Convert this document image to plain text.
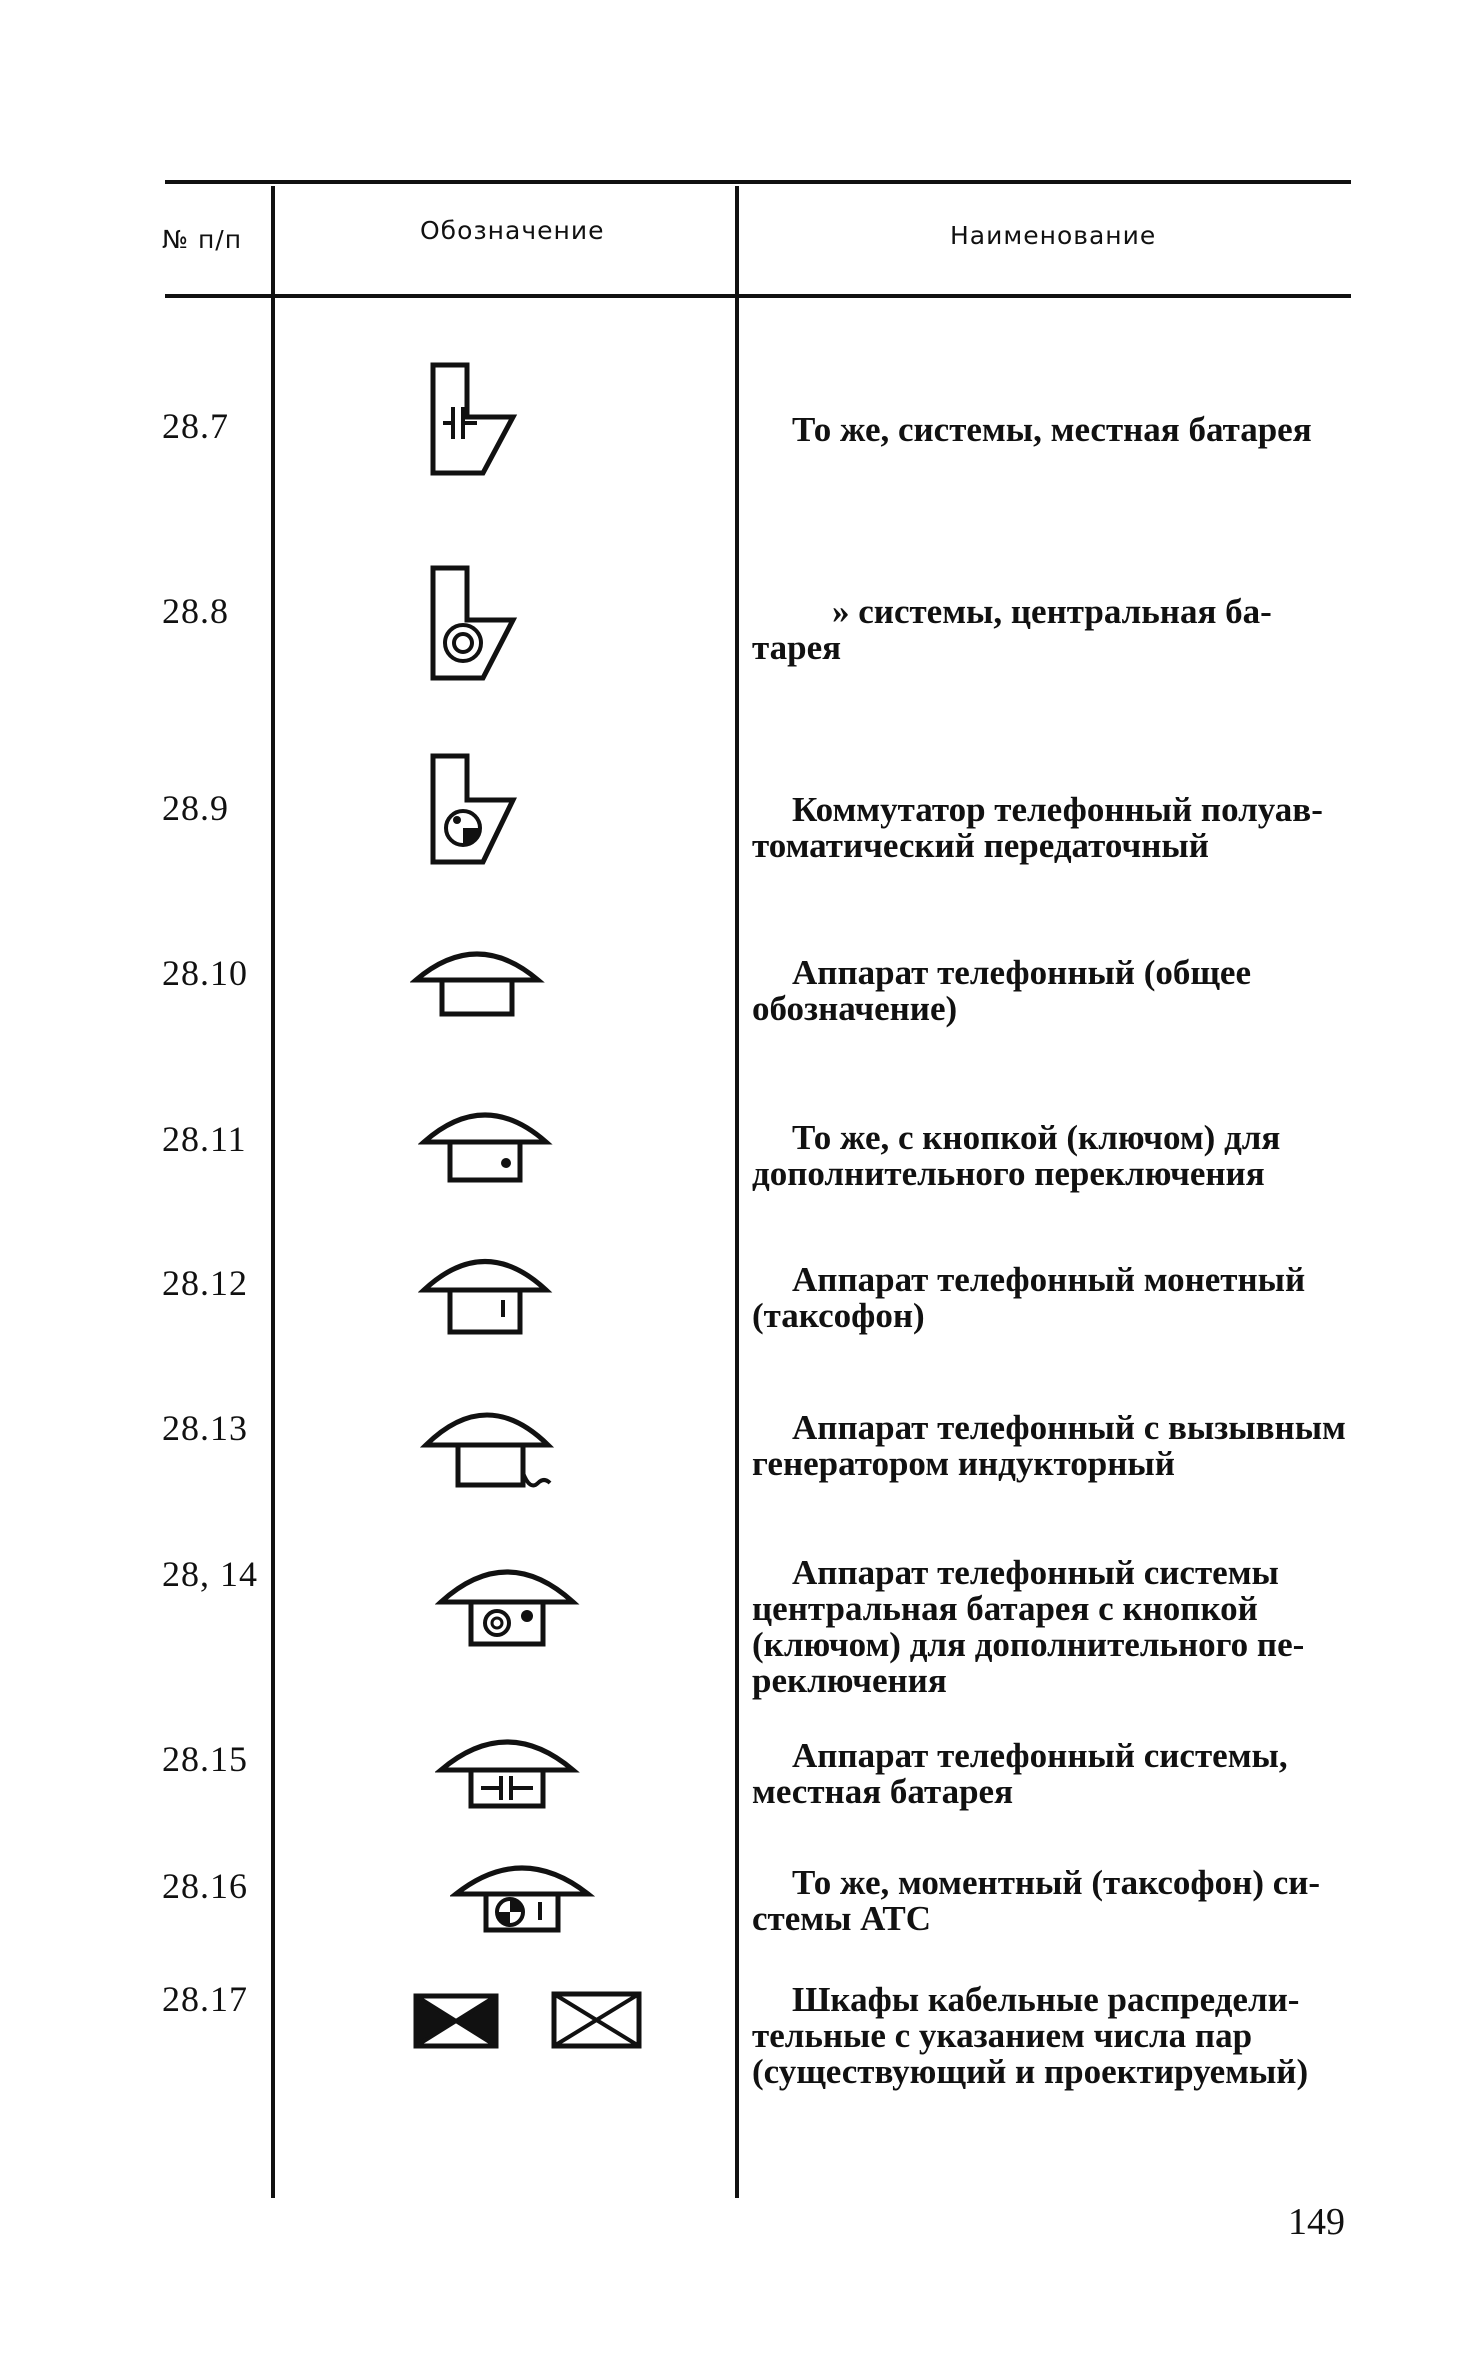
№ п/п	Обозначение	Наименование
28.7	То же, системы, местная батарея
28.8	» системы, центральная ба-
тарея
28.9	Коммутатор телефонный полуав-
томатический передаточный
28.10	Аппарат телефонный (общее
обозначение)
28.11	То же, с кнопкой (ключом) для
дополнительного переключения
28.12	Аппарат телефонный монетный
(таксофон)
28.13	Аппарат телефонный с вызывным
генератором индукторный
28, 14	Аппарат телефонный системы
центральная батарея с кнопкой
(ключом) для дополнительного пе-
реключения
28.15	Аппарат телефонный системы,
местная батарея
28.16	То же, моментный (таксофон) си-
стемы АТС
28.17	Шкафы кабельные распредели-
тельные с указанием числа пар
(существующий и проектируемый)
149
